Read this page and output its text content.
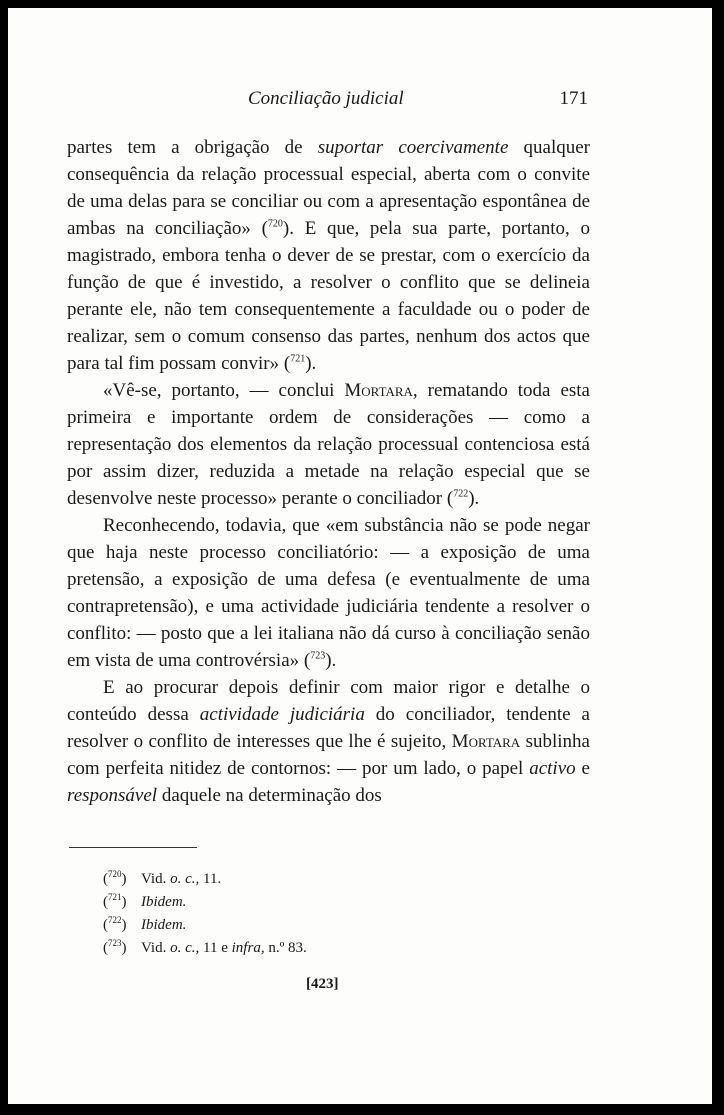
Conciliação judicial	171

partes tem a obrigação de suportar coercivamente qualquer consequência da relação processual especial, aberta com o convite de uma delas para se conciliar ou com a apresentação espontânea de ambas na conciliação» ($^{720}$). E que, pela sua parte, portanto, o magistrado, embora tenha o dever de se prestar, com o exercício da função de que é investido, a resolver o conflito que se delineia perante ele, não tem consequentemente a faculdade ou o poder de realizar, sem o comum consenso das partes, nenhum dos actos que para tal fim possam convir» ($^{721}$).

«Vê-se, portanto, — conclui Mortara, rematando toda esta primeira e importante ordem de considerações — como a representação dos elementos da relação processual contenciosa está por assim dizer, reduzida a metade na relação especial que se desenvolve neste processo» perante o conciliador ($^{722}$).

Reconhecendo, todavia, que «em substância não se pode negar que haja neste processo conciliatório: — a exposição de uma pretensão, a exposição de uma defesa (e eventualmente de uma contrapretensão), e uma actividade judiciária tendente a resolver o conflito: — posto que a lei italiana não dá curso à conciliação senão em vista de uma controvérsia» ($^{723}$).

E ao procurar depois definir com maior rigor e detalhe o conteúdo dessa actividade judiciária do conciliador, tendente a resolver o conflito de interesses que lhe é sujeito, Mortara sublinha com perfeita nitidez de contornos: — por um lado, o papel activo e responsável daquele na determinação dos

($^{720}$) Vid. o. c., 11.
($^{721}$) Ibidem.
($^{722}$) Ibidem.
($^{723}$) Vid. o. c., 11 e infra, n.º 83.
[423]
